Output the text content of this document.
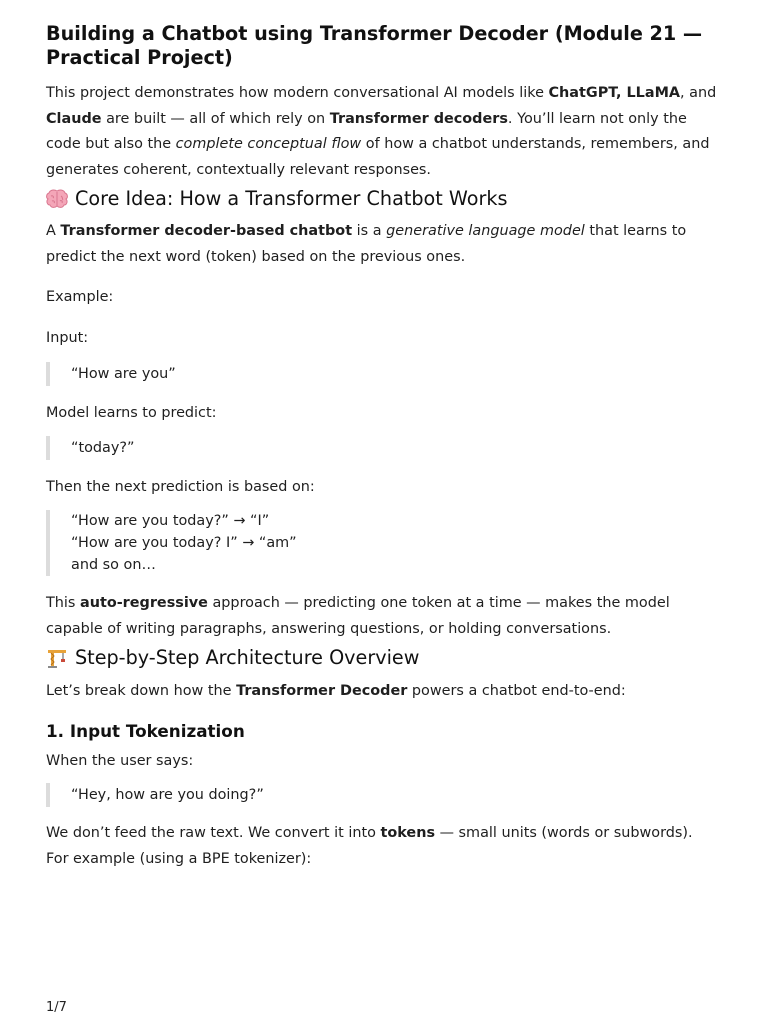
Building a Chatbot using Transformer Decoder (Module 21 — Practical Project)

This project demonstrates how modern conversational AI models like ChatGPT, LLaMA, and Claude are built — all of which rely on Transformer decoders. You’ll learn not only the code but also the complete conceptual flow of how a chatbot understands, remembers, and generates coherent, contextually relevant responses.

Core Idea: How a Transformer Chatbot Works

A Transformer decoder-based chatbot is a generative language model that learns to predict the next word (token) based on the previous ones.

Example:

Input:

“How are you”

Model learns to predict:

“today?”

Then the next prediction is based on:

“How are you today?” → “I”
“How are you today? I” → “am”
and so on…

This auto-regressive approach — predicting one token at a time — makes the model capable of writing paragraphs, answering questions, or holding conversations.

Step-by-Step Architecture Overview

Let’s break down how the Transformer Decoder powers a chatbot end-to-end:

1. Input Tokenization

When the user says:

“Hey, how are you doing?”

We don’t feed the raw text. We convert it into tokens — small units (words or subwords).

For example (using a BPE tokenizer):

1/7
